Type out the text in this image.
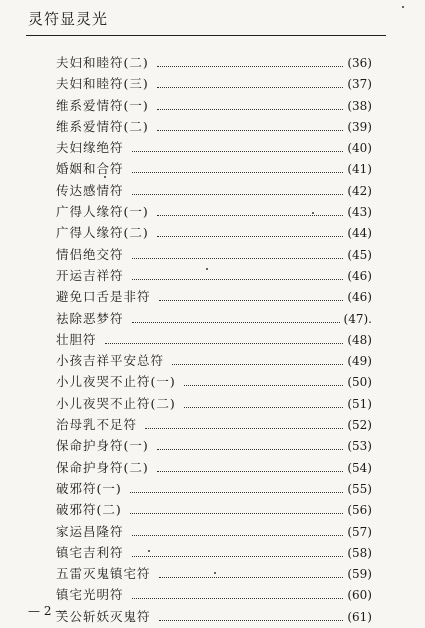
灵符显灵光
夫妇和睦符(二)	(36)
夫妇和睦符(三)	(37)
维系爱情符(一)	(38)
维系爱情符(二)	(39)
夫妇缘绝符	(40)
婚姻和合符	(41)
传达感情符	(42)
广得人缘符(一)	(43)
广得人缘符(二)	(44)
情侣绝交符	(45)
开运吉祥符	(46)
避免口舌是非符	(46)
祛除恶梦符	(47).
壮胆符	(48)
小孩吉祥平安总符	(49)
小儿夜哭不止符(一)	(50)
小儿夜哭不止符(二)	(51)
治母乳不足符	(52)
保命护身符(一)	(53)
保命护身符(二)	(54)
破邪符(一)	(55)
破邪符(二)	(56)
家运昌隆符	(57)
镇宅吉利符	(58)
五雷灭鬼镇宅符	(59)
镇宅光明符	(60)
关公斩妖灭鬼符	(61)
— 2 —
